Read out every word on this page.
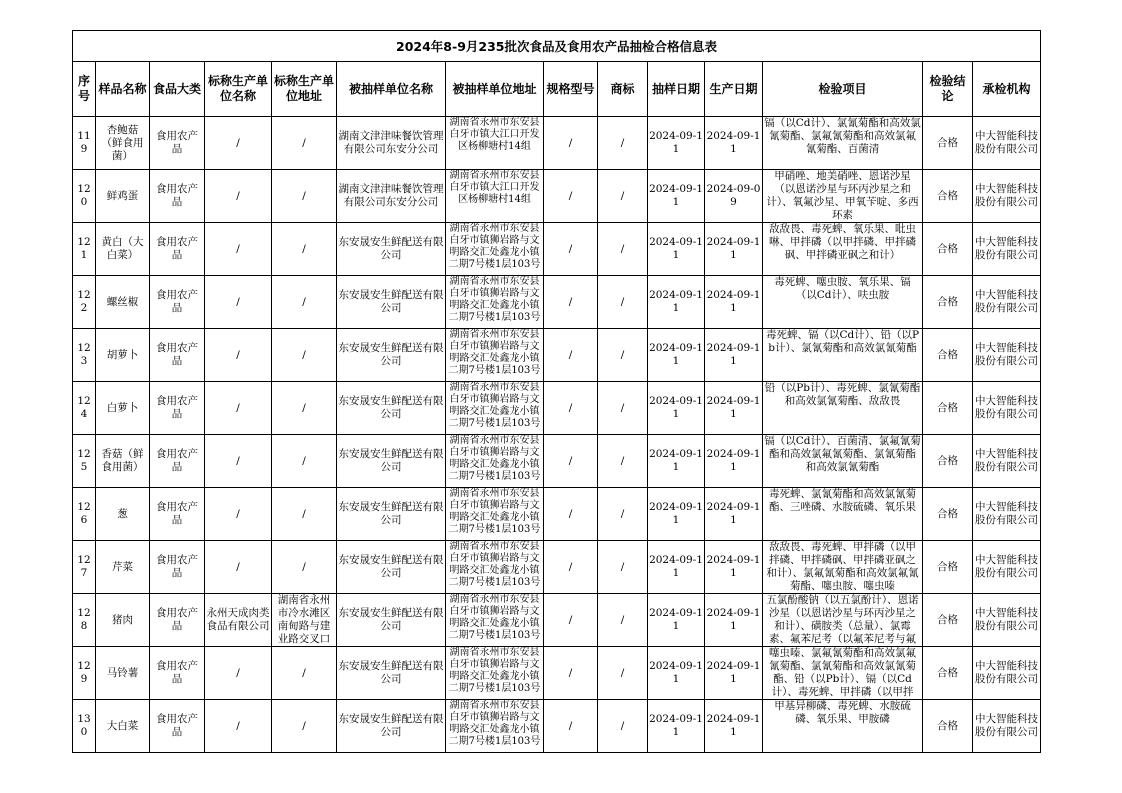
2024年8-9月235批次食品及食用农产品抽检合格信息表													
序号	样品名称	食品大类	标称生产单位名称	标称生产单位地址	被抽样单位名称	被抽样单位地址	规格型号	商标	抽样日期	生产日期	检验项目	检验结论	承检机构
119	杏鲍菇（鲜食用菌）	食用农产品	/	/	湖南文津津味餐饮管理有限公司东安分公司	湖南省永州市东安县白牙市镇大江口开发区杨柳塘村14组	/	/	2024-09-11	2024-09-11	镉（以Cd计）、氯氰菊酯和高效氯氰菊酯、氯氟氰菊酯和高效氯氟氰菊酯、百菌清	合格	中大智能科技股份有限公司
120	鲜鸡蛋	食用农产品	/	/	湖南文津津味餐饮管理有限公司东安分公司	湖南省永州市东安县白牙市镇大江口开发区杨柳塘村14组	/	/	2024-09-11	2024-09-09	甲硝唑、地美硝唑、恩诺沙星（以恩诺沙星与环丙沙星之和计）、氧氟沙星、甲氧苄啶、多西环素	合格	中大智能科技股份有限公司
121	黄白（大白菜）	食用农产品	/	/	东安晟安生鲜配送有限公司	湖南省永州市东安县白牙市镇狮岩路与文明路交汇处鑫龙小镇二期7号楼1层103号	/	/	2024-09-11	2024-09-11	敌敌畏、毒死蜱、氧乐果、吡虫啉、甲拌磷（以甲拌磷、甲拌磷砜、甲拌磷亚砜之和计）	合格	中大智能科技股份有限公司
122	螺丝椒	食用农产品	/	/	东安晟安生鲜配送有限公司	湖南省永州市东安县白牙市镇狮岩路与文明路交汇处鑫龙小镇二期7号楼1层103号	/	/	2024-09-11	2024-09-11	毒死蜱、噻虫胺、氧乐果、镉（以Cd计）、呋虫胺	合格	中大智能科技股份有限公司
123	胡萝卜	食用农产品	/	/	东安晟安生鲜配送有限公司	湖南省永州市东安县白牙市镇狮岩路与文明路交汇处鑫龙小镇二期7号楼1层103号	/	/	2024-09-11	2024-09-11	毒死蜱、镉（以Cd计）、铅（以Pb计）、氯氰菊酯和高效氯氰菊酯	合格	中大智能科技股份有限公司
124	白萝卜	食用农产品	/	/	东安晟安生鲜配送有限公司	湖南省永州市东安县白牙市镇狮岩路与文明路交汇处鑫龙小镇二期7号楼1层103号	/	/	2024-09-11	2024-09-11	铅（以Pb计）、毒死蜱、氯氰菊酯和高效氯氰菊酯、敌敌畏	合格	中大智能科技股份有限公司
125	香菇（鲜食用菌）	食用农产品	/	/	东安晟安生鲜配送有限公司	湖南省永州市东安县白牙市镇狮岩路与文明路交汇处鑫龙小镇二期7号楼1层103号	/	/	2024-09-11	2024-09-11	镉（以Cd计）、百菌清、氯氟氰菊酯和高效氯氟氰菊酯、氯氰菊酯和高效氯氰菊酯	合格	中大智能科技股份有限公司
126	葱	食用农产品	/	/	东安晟安生鲜配送有限公司	湖南省永州市东安县白牙市镇狮岩路与文明路交汇处鑫龙小镇二期7号楼1层103号	/	/	2024-09-11	2024-09-11	毒死蜱、氯氰菊酯和高效氯氰菊酯、三唑磷、水胺硫磷、氧乐果	合格	中大智能科技股份有限公司
127	芹菜	食用农产品	/	/	东安晟安生鲜配送有限公司	湖南省永州市东安县白牙市镇狮岩路与文明路交汇处鑫龙小镇二期7号楼1层103号	/	/	2024-09-11	2024-09-11	敌敌畏、毒死蜱、甲拌磷（以甲拌磷、甲拌磷砜、甲拌磷亚砜之和计）、氯氟氰菊酯和高效氯氟氰菊酯、噻虫胺、噻虫嗪	合格	中大智能科技股份有限公司
128	猪肉	食用农产品	永州天成肉类食品有限公司	湖南省永州市冷水滩区南甸路与建业路交叉口	东安晟安生鲜配送有限公司	湖南省永州市东安县白牙市镇狮岩路与文明路交汇处鑫龙小镇二期7号楼1层103号	/	/	2024-09-11	2024-09-11	五氯酚酸钠（以五氯酚计）、恩诺沙星（以恩诺沙星与环丙沙星之和计）、磺胺类（总量）、氯霉素、氟苯尼考（以氟苯尼考与氟	合格	中大智能科技股份有限公司
129	马铃薯	食用农产品	/	/	东安晟安生鲜配送有限公司	湖南省永州市东安县白牙市镇狮岩路与文明路交汇处鑫龙小镇二期7号楼1层103号	/	/	2024-09-11	2024-09-11	噻虫嗪、氯氟氰菊酯和高效氯氟氰菊酯、氯氰菊酯和高效氯氰菊酯、铅（以Pb计）、镉（以Cd计）、毒死蜱、甲拌磷（以甲拌	合格	中大智能科技股份有限公司
130	大白菜	食用农产品	/	/	东安晟安生鲜配送有限公司	湖南省永州市东安县白牙市镇狮岩路与文明路交汇处鑫龙小镇二期7号楼1层103号	/	/	2024-09-11	2024-09-11	甲基异柳磷、毒死蜱、水胺硫磷、氧乐果、甲胺磷	合格	中大智能科技股份有限公司
